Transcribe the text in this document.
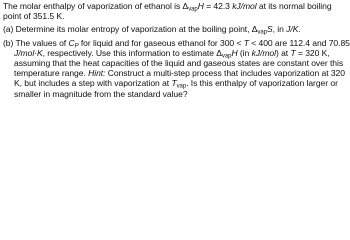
The molar enthalpy of vaporization of ethanol is $\Delta_{vap}H = 42.3$ kJ/mol at its normal boiling
point of 351.5 K.
(a) Determine its molar entropy of vaporization at the boiling point, $\Delta_{vap}S$, in J/K.
(b) The values of $C_P$ for liquid and for gaseous ethanol for 300 < T < 400 are 112.4 and 70.85
J/mol·K, respectively. Use this information to estimate $\Delta_{vap}H$ (in kJ/mol) at T = 320 K,
assuming that the heat capacities of the liquid and gaseous states are constant over this
temperature range. Hint: Construct a multi-step process that includes vaporization at 320
K, but includes a step with vaporization at $T_{vap}$. Is this enthalpy of vaporization larger or
smaller in magnitude from the standard value?
